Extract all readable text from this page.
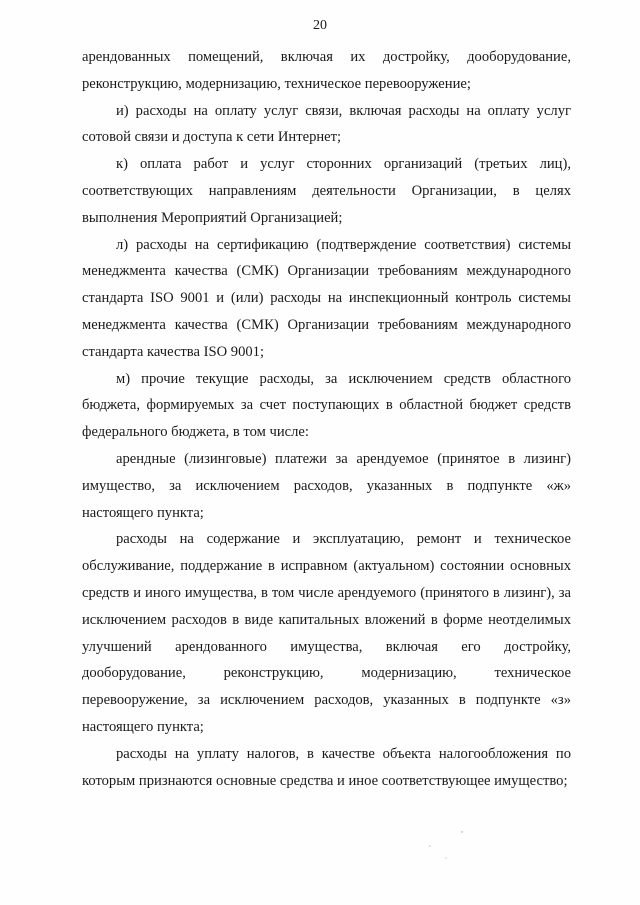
20

арендованных помещений, включая их достройку, дооборудование, реконструкцию, модернизацию, техническое перевооружение;

и) расходы на оплату услуг связи, включая расходы на оплату услуг сотовой связи и доступа к сети Интернет;

к) оплата работ и услуг сторонних организаций (третьих лиц), соответствующих направлениям деятельности Организации, в целях выполнения Мероприятий Организацией;

л) расходы на сертификацию (подтверждение соответствия) системы менеджмента качества (СМК) Организации требованиям международного стандарта ISO 9001 и (или) расходы на инспекционный контроль системы менеджмента качества (СМК) Организации требованиям международного стандарта качества ISO 9001;

м) прочие текущие расходы, за исключением средств областного бюджета, формируемых за счет поступающих в областной бюджет средств федерального бюджета, в том числе:

арендные (лизинговые) платежи за арендуемое (принятое в лизинг) имущество, за исключением расходов, указанных в подпункте «ж» настоящего пункта;

расходы на содержание и эксплуатацию, ремонт и техническое обслуживание, поддержание в исправном (актуальном) состоянии основных средств и иного имущества, в том числе арендуемого (принятого в лизинг), за исключением расходов в виде капитальных вложений в форме неотделимых улучшений арендованного имущества, включая его достройку, дооборудование, реконструкцию, модернизацию, техническое перевооружение, за исключением расходов, указанных в подпункте «з» настоящего пункта;

расходы на уплату налогов, в качестве объекта налогообложения по которым признаются основные средства и иное соответствующее имущество;
